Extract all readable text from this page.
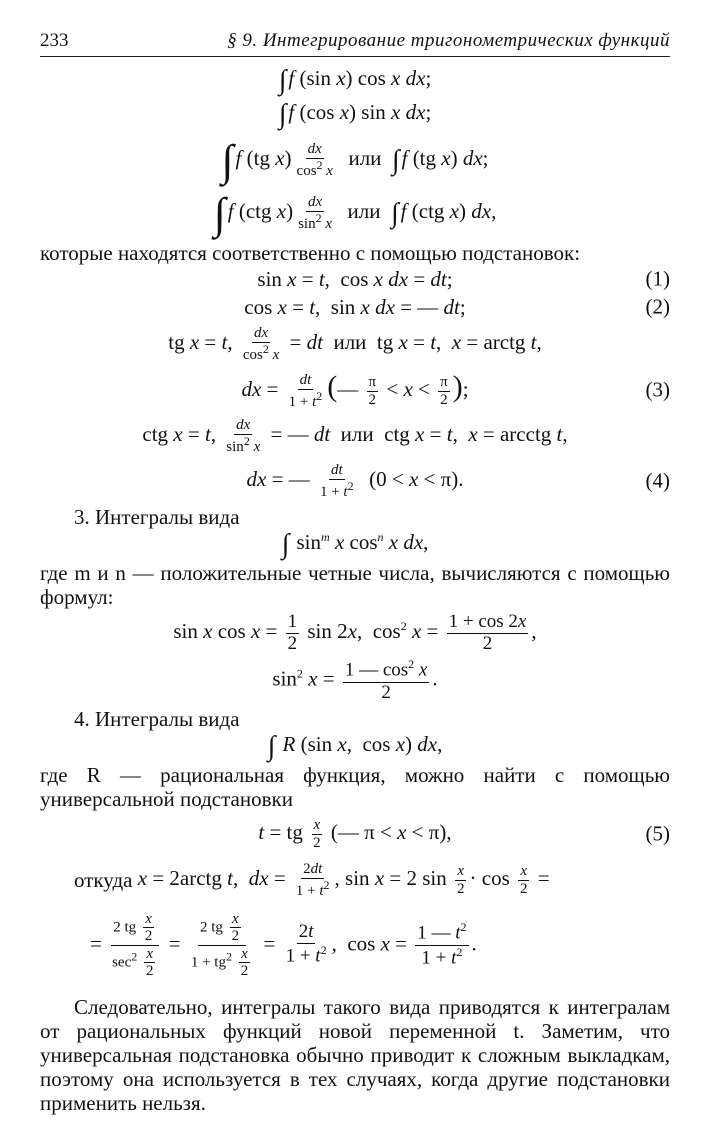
233	§ 9. Интегрирование тригонометрических функций
∫f (sin x) cos x dx;
∫f (cos x) sin x dx;
∫f (tg $x) \frac{dx}{\cos^2 x}$ или ∫f (tg x) dx;
∫f (ctg $x) \frac{dx}{\sin^2 x}$ или ∫f (ctg x) dx,
которые находятся соответственно с помощью подстановок:
sin x = t,  cos x dx = dt;	(1)
cos x = t,  sin x dx = — dt;	(2)
tg x = t, $\frac{dx}{\cos^2 x}$ = dt или  tg x = t,  x = arctg t,
dx = $\frac{dt}{1 + t^2}$ (— $\frac{\pi}{2} < x < \frac{\pi}{2}$ );	(3)
ctg x = t, $\frac{dx}{\sin^2 x}$ = — dt или  ctg x = t,  x = arcctg t,
dx = — $\frac{dt}{1 + t^2} (0 < x < \pi)$.	(4)
3. Интегралы вида
∫ $\sin^m x$ $\cos^n x$ dx,
где m и n — положительные четные числа, вычисляются с помощью формул:
sin x $\cos x = \frac{1}{2}$ sin 2x,  $\cos^2 x = \frac{1 + \cos 2x}{2}$ ,
$\sin^2 x = \frac{1 — \cos^2 x}{2}$ .
4. Интегралы вида
∫ R (sin x,  cos x) dx,
где R — рациональная функция, можно найти с помощью универсальной подстановки
t = tg $\frac{x}{2}$ (— π < x < π),	(5)
откуда
x = 2arctg t,  dx = $\frac{2dt}{1 + t^2}$ , sin x = 2 $\sin \frac{x}{2} \cdot \cos \frac{x}{2}$ =
=
2 tg $\frac{x}{2}$
$\sec^2 \frac{x}{2}$
= $\frac{2 tg \frac{x}{2}}{1 + tg^2 \frac{x}{2}} = \frac{2t}{1 + t^2}$ ,  $\cos x = \frac{1 — t^2}{1 + t^2}$ .
Следовательно, интегралы такого вида приводятся к интегралам от рациональных функций новой переменной t. Заметим, что универсальная подстановка обычно приводит к сложным выкладкам, поэтому она используется в тех случаях, когда другие подстановки применить нельзя.
